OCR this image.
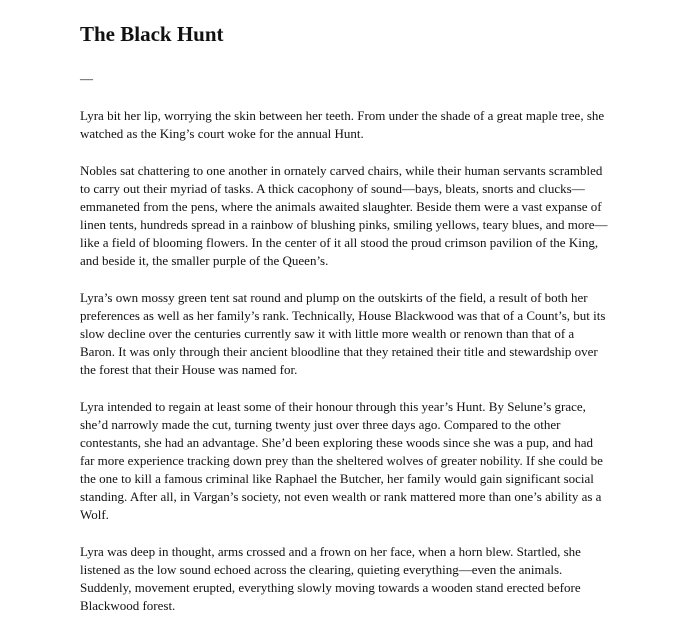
The Black Hunt
—

Lyra bit her lip, worrying the skin between her teeth. From under the shade of a great maple tree, she watched as the King’s court woke for the annual Hunt.

Nobles sat chattering to one another in ornately carved chairs, while their human servants scrambled to carry out their myriad of tasks. A thick cacophony of sound—bays, bleats, snorts and clucks—emmaneted from the pens, where the animals awaited slaughter. Beside them were a vast expanse of linen tents, hundreds spread in a rainbow of blushing pinks, smiling yellows, teary blues, and more—like a field of blooming flowers. In the center of it all stood the proud crimson pavilion of the King, and beside it, the smaller purple of the Queen’s.

Lyra’s own mossy green tent sat round and plump on the outskirts of the field, a result of both her preferences as well as her family’s rank. Technically, House Blackwood was that of a Count’s, but its slow decline over the centuries currently saw it with little more wealth or renown than that of a Baron. It was only through their ancient bloodline that they retained their title and stewardship over the forest that their House was named for.

Lyra intended to regain at least some of their honour through this year’s Hunt. By Selune’s grace, she’d narrowly made the cut, turning twenty just over three days ago. Compared to the other contestants, she had an advantage. She’d been exploring these woods since she was a pup, and had far more experience tracking down prey than the sheltered wolves of greater nobility. If she could be the one to kill a famous criminal like Raphael the Butcher, her family would gain significant social standing. After all, in Vargan’s society, not even wealth or rank mattered more than one’s ability as a Wolf.

Lyra was deep in thought, arms crossed and a frown on her face, when a horn blew. Startled, she listened as the low sound echoed across the clearing, quieting everything—even the animals. Suddenly, movement erupted, everything slowly moving towards a wooden stand erected before Blackwood forest.
